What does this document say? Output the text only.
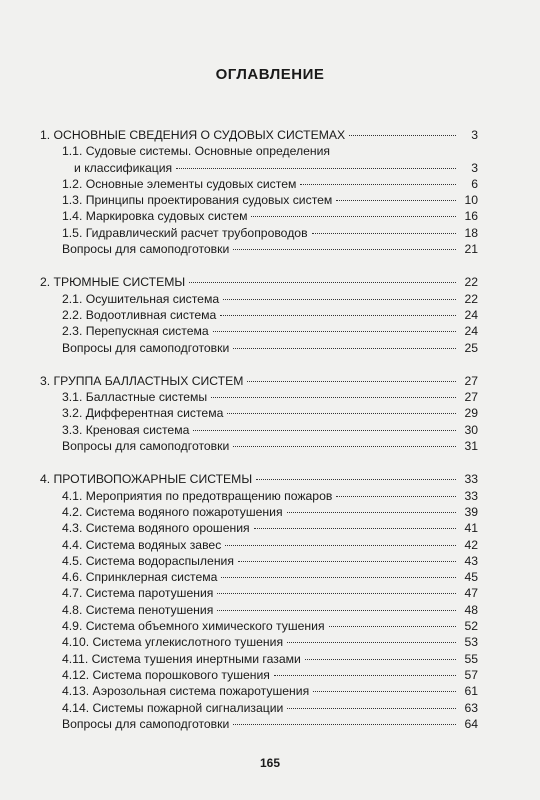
ОГЛАВЛЕНИЕ
1. ОСНОВНЫЕ СВЕДЕНИЯ О СУДОВЫХ СИСТЕМАХ	3
1.1. Судовые системы. Основные определения
и классификация	3
1.2. Основные элементы судовых систем	6
1.3. Принципы проектирования судовых систем	10
1.4. Маркировка судовых систем	16
1.5. Гидравлический расчет трубопроводов	18
Вопросы для самоподготовки	21
2. ТРЮМНЫЕ СИСТЕМЫ	22
2.1. Осушительная система	22
2.2. Водоотливная система	24
2.3. Перепускная система	24
Вопросы для самоподготовки	25
3. ГРУППА БАЛЛАСТНЫХ СИСТЕМ	27
3.1. Балластные системы	27
3.2. Дифферентная система	29
3.3. Креновая система	30
Вопросы для самоподготовки	31
4. ПРОТИВОПОЖАРНЫЕ СИСТЕМЫ	33
4.1. Мероприятия по предотвращению пожаров	33
4.2. Система водяного пожаротушения	39
4.3. Система водяного орошения	41
4.4. Система водяных завес	42
4.5. Система водораспыления	43
4.6. Спринклерная система	45
4.7. Система паротушения	47
4.8. Система пенотушения	48
4.9. Система объемного химического тушения	52
4.10. Система углекислотного тушения	53
4.11. Система тушения инертными газами	55
4.12. Система порошкового тушения	57
4.13. Аэрозольная система пожаротушения	61
4.14. Системы пожарной сигнализации	63
Вопросы для самоподготовки	64
165
